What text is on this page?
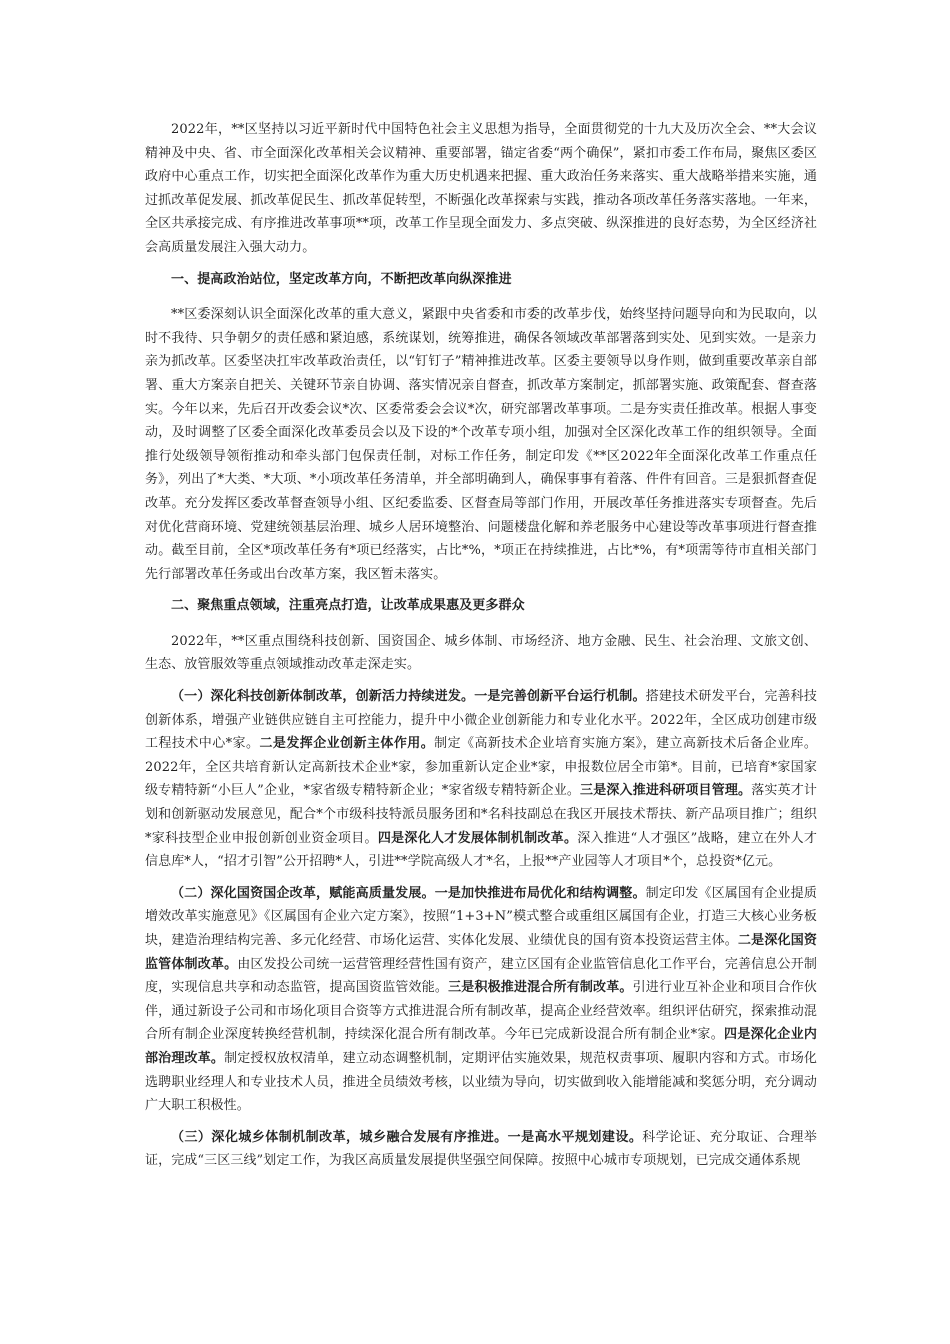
2022年，**区坚持以习近平新时代中国特色社会主义思想为指导，全面贯彻党的十九大及历次全会、**大会议精神及中央、省、市全面深化改革相关会议精神、重要部署，锚定省委“两个确保”，紧扣市委工作布局，聚焦区委区政府中心重点工作，切实把全面深化改革作为重大历史机遇来把握、重大政治任务来落实、重大战略举措来实施，通过抓改革促发展、抓改革促民生、抓改革促转型，不断强化改革探索与实践，推动各项改革任务落实落地。一年来，全区共承接完成、有序推进改革事项**项，改革工作呈现全面发力、多点突破、纵深推进的良好态势，为全区经济社会高质量发展注入强大动力。

一、提高政治站位，坚定改革方向，不断把改革向纵深推进

**区委深刻认识全面深化改革的重大意义，紧跟中央省委和市委的改革步伐，始终坚持问题导向和为民取向，以时不我待、只争朝夕的责任感和紧迫感，系统谋划，统筹推进，确保各领域改革部署落到实处、见到实效。一是亲力亲为抓改革。区委坚决扛牢改革政治责任，以“钉钉子”精神推进改革。区委主要领导以身作则，做到重要改革亲自部署、重大方案亲自把关、关键环节亲自协调、落实情况亲自督查，抓改革方案制定，抓部署实施、政策配套、督查落实。今年以来，先后召开改委会议*次、区委常委会会议*次，研究部署改革事项。二是夯实责任推改革。根据人事变动，及时调整了区委全面深化改革委员会以及下设的*个改革专项小组，加强对全区深化改革工作的组织领导。全面推行处级领导领衔推动和牵头部门包保责任制，对标工作任务，制定印发《**区2022年全面深化改革工作重点任务》，列出了*大类、*大项、*小项改革任务清单，并全部明确到人，确保事事有着落、件件有回音。三是狠抓督查促改革。充分发挥区委改革督查领导小组、区纪委监委、区督查局等部门作用，开展改革任务推进落实专项督查。先后对优化营商环境、党建统领基层治理、城乡人居环境整治、问题楼盘化解和养老服务中心建设等改革事项进行督查推动。截至目前，全区*项改革任务有*项已经落实，占比*%，*项正在持续推进，占比*%，有*项需等待市直相关部门先行部署改革任务或出台改革方案，我区暂未落实。

二、聚焦重点领域，注重亮点打造，让改革成果惠及更多群众

2022年，**区重点围绕科技创新、国资国企、城乡体制、市场经济、地方金融、民生、社会治理、文旅文创、生态、放管服效等重点领域推动改革走深走实。

（一）深化科技创新体制改革，创新活力持续迸发。一是完善创新平台运行机制。搭建技术研发平台，完善科技创新体系，增强产业链供应链自主可控能力，提升中小微企业创新能力和专业化水平。2022年，全区成功创建市级工程技术中心*家。二是发挥企业创新主体作用。制定《高新技术企业培育实施方案》，建立高新技术后备企业库。2022年，全区共培育新认定高新技术企业*家，参加重新认定企业*家，申报数位居全市第*。目前，已培育*家国家级专精特新“小巨人”企业，*家省级专精特新企业；*家省级专精特新企业。三是深入推进科研项目管理。落实英才计划和创新驱动发展意见，配合*个市级科技特派员服务团和*名科技副总在我区开展技术帮扶、新产品项目推广；组织*家科技型企业申报创新创业资金项目。四是深化人才发展体制机制改革。深入推进“人才强区”战略，建立在外人才信息库*人，“招才引智”公开招聘*人，引进**学院高级人才*名，上报**产业园等人才项目*个，总投资*亿元。

（二）深化国资国企改革，赋能高质量发展。一是加快推进布局优化和结构调整。制定印发《区属国有企业提质增效改革实施意见》《区属国有企业六定方案》，按照“1+3+N”模式整合或重组区属国有企业，打造三大核心业务板块，建造治理结构完善、多元化经营、市场化运营、实体化发展、业绩优良的国有资本投资运营主体。二是深化国资监管体制改革。由区发投公司统一运营管理经营性国有资产，建立区国有企业监管信息化工作平台，完善信息公开制度，实现信息共享和动态监管，提高国资监管效能。三是积极推进混合所有制改革。引进行业互补企业和项目合作伙伴，通过新设子公司和市场化项目合资等方式推进混合所有制改革，提高企业经营效率。组织评估研究，探索推动混合所有制企业深度转换经营机制，持续深化混合所有制改革。今年已完成新设混合所有制企业*家。四是深化企业内部治理改革。制定授权放权清单，建立动态调整机制，定期评估实施效果，规范权责事项、履职内容和方式。市场化选聘职业经理人和专业技术人员，推进全员绩效考核，以业绩为导向，切实做到收入能增能减和奖惩分明，充分调动广大职工积极性。

（三）深化城乡体制机制改革，城乡融合发展有序推进。一是高水平规划建设。科学论证、充分取证、合理举证，完成“三区三线”划定工作，为我区高质量发展提供坚强空间保障。按照中心城市专项规划，已完成交通体系规
